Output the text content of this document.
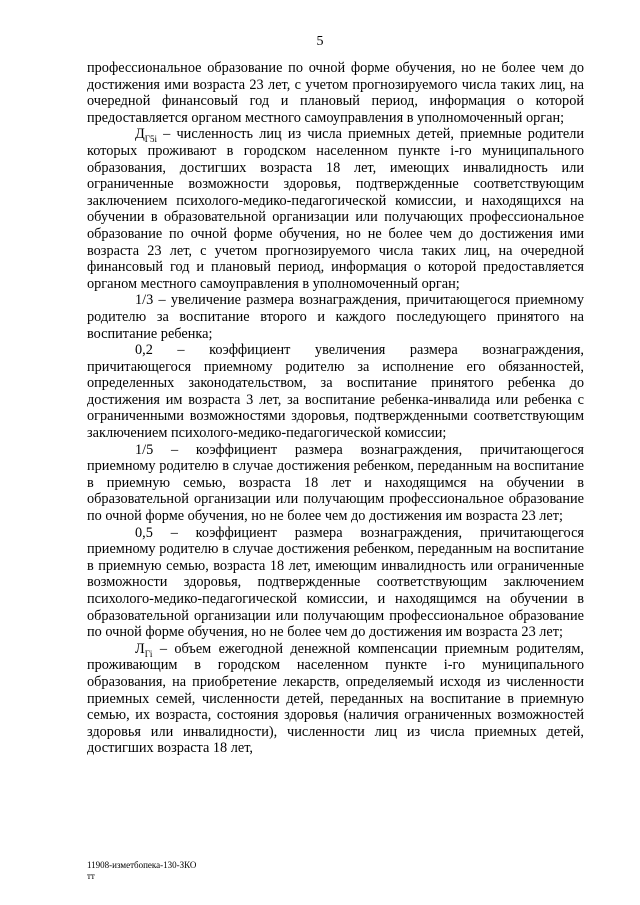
5

профессиональное образование по очной форме обучения, но не более чем до достижения ими возраста 23 лет, с учетом прогнозируемого числа таких лиц, на очередной финансовый год и плановый период, информация о которой предоставляется органом местного самоуправления в уполномоченный орган;

$Д_{Г5i}$ – численность лиц из числа приемных детей, приемные родители которых проживают в городском населенном пункте i-го муниципального образования, достигших возраста 18 лет, имеющих инвалидность или ограниченные возможности здоровья, подтвержденные соответствующим заключением психолого-медико-педагогической комиссии, и находящихся на обучении в образовательной организации или получающих профессиональное образование по очной форме обучения, но не более чем до достижения ими возраста 23 лет, с учетом прогнозируемого числа таких лиц, на очередной финансовый год и плановый период, информация о которой предоставляется органом местного самоуправления в уполномоченный орган;

1/3 – увеличение размера вознаграждения, причитающегося приемному родителю за воспитание второго и каждого последующего принятого на воспитание ребенка;

0,2 – коэффициент увеличения размера вознаграждения, причитающегося приемному родителю за исполнение его обязанностей, определенных законодательством, за воспитание принятого ребенка до достижения им возраста 3 лет, за воспитание ребенка-инвалида или ребенка с ограниченными возможностями здоровья, подтвержденными соответствующим заключением психолого-медико-педагогической комиссии;

1/5 – коэффициент размера вознаграждения, причитающегося приемному родителю в случае достижения ребенком, переданным на воспитание в приемную семью, возраста 18 лет и находящимся на обучении в образовательной организации или получающим профессиональное образование по очной форме обучения, но не более чем до достижения им возраста 23 лет;

0,5 – коэффициент размера вознаграждения, причитающегося приемному родителю в случае достижения ребенком, переданным на воспитание в приемную семью, возраста 18 лет, имеющим инвалидность или ограниченные возможности здоровья, подтвержденные соответствующим заключением психолого-медико-педагогической комиссии, и находящимся на обучении в образовательной организации или получающим профессиональное образование по очной форме обучения, но не более чем до достижения им возраста 23 лет;

$Л_{Гi}$ – объем ежегодной денежной компенсации приемным родителям, проживающим в городском населенном пункте i-го муниципального образования, на приобретение лекарств, определяемый исходя из численности приемных семей, численности детей, переданных на воспитание в приемную семью, их возраста, состояния здоровья (наличия ограниченных возможностей здоровья или инвалидности), численности лиц из числа приемных детей, достигших возраста 18 лет,

11908-изметбопека-130-ЗКО
тт
